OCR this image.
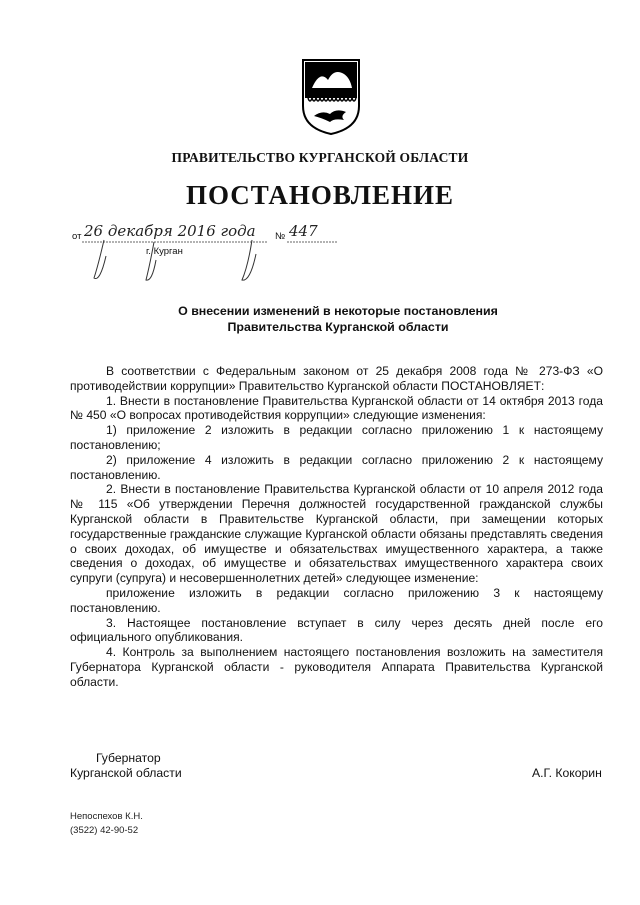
ПРАВИТЕЛЬСТВО КУРГАНСКОЙ ОБЛАСТИ
ПОСТАНОВЛЕНИЕ
от 26 декабря 2016 года № 447
г. Курган
О внесении изменений в некоторые постановления
Правительства Курганской области

В соответствии с Федеральным законом от 25 декабря 2008 года № 273-ФЗ «О противодействии коррупции» Правительство Курганской области ПОСТАНОВЛЯЕТ:

1. Внести в постановление Правительства Курганской области от 14 октября 2013 года № 450 «О вопросах противодействия коррупции» следующие изменения:

1) приложение 2 изложить в редакции согласно приложению 1 к настоящему постановлению;

2) приложение 4 изложить в редакции согласно приложению 2 к настоящему постановлению.

2. Внести в постановление Правительства Курганской области от 10 апреля 2012 года № 115 «Об утверждении Перечня должностей государственной гражданской службы Курганской области в Правительстве Курганской области, при замещении которых государственные гражданские служащие Курганской области обязаны представлять сведения о своих доходах, об имуществе и обязательствах имущественного характера, а также сведения о доходах, об имуществе и обязательствах имущественного характера своих супруги (супруга) и несовершеннолетних детей» следующее изменение:

приложение изложить в редакции согласно приложению 3 к настоящему постановлению.

3. Настоящее постановление вступает в силу через десять дней после его официального опубликования.

4. Контроль за выполнением настоящего постановления возложить на заместителя Губернатора Курганской области - руководителя Аппарата Правительства Курганской области.

Губернатор
Курганской области	А.Г. Кокорин
Непоспехов К.Н.
(3522) 42-90-52
